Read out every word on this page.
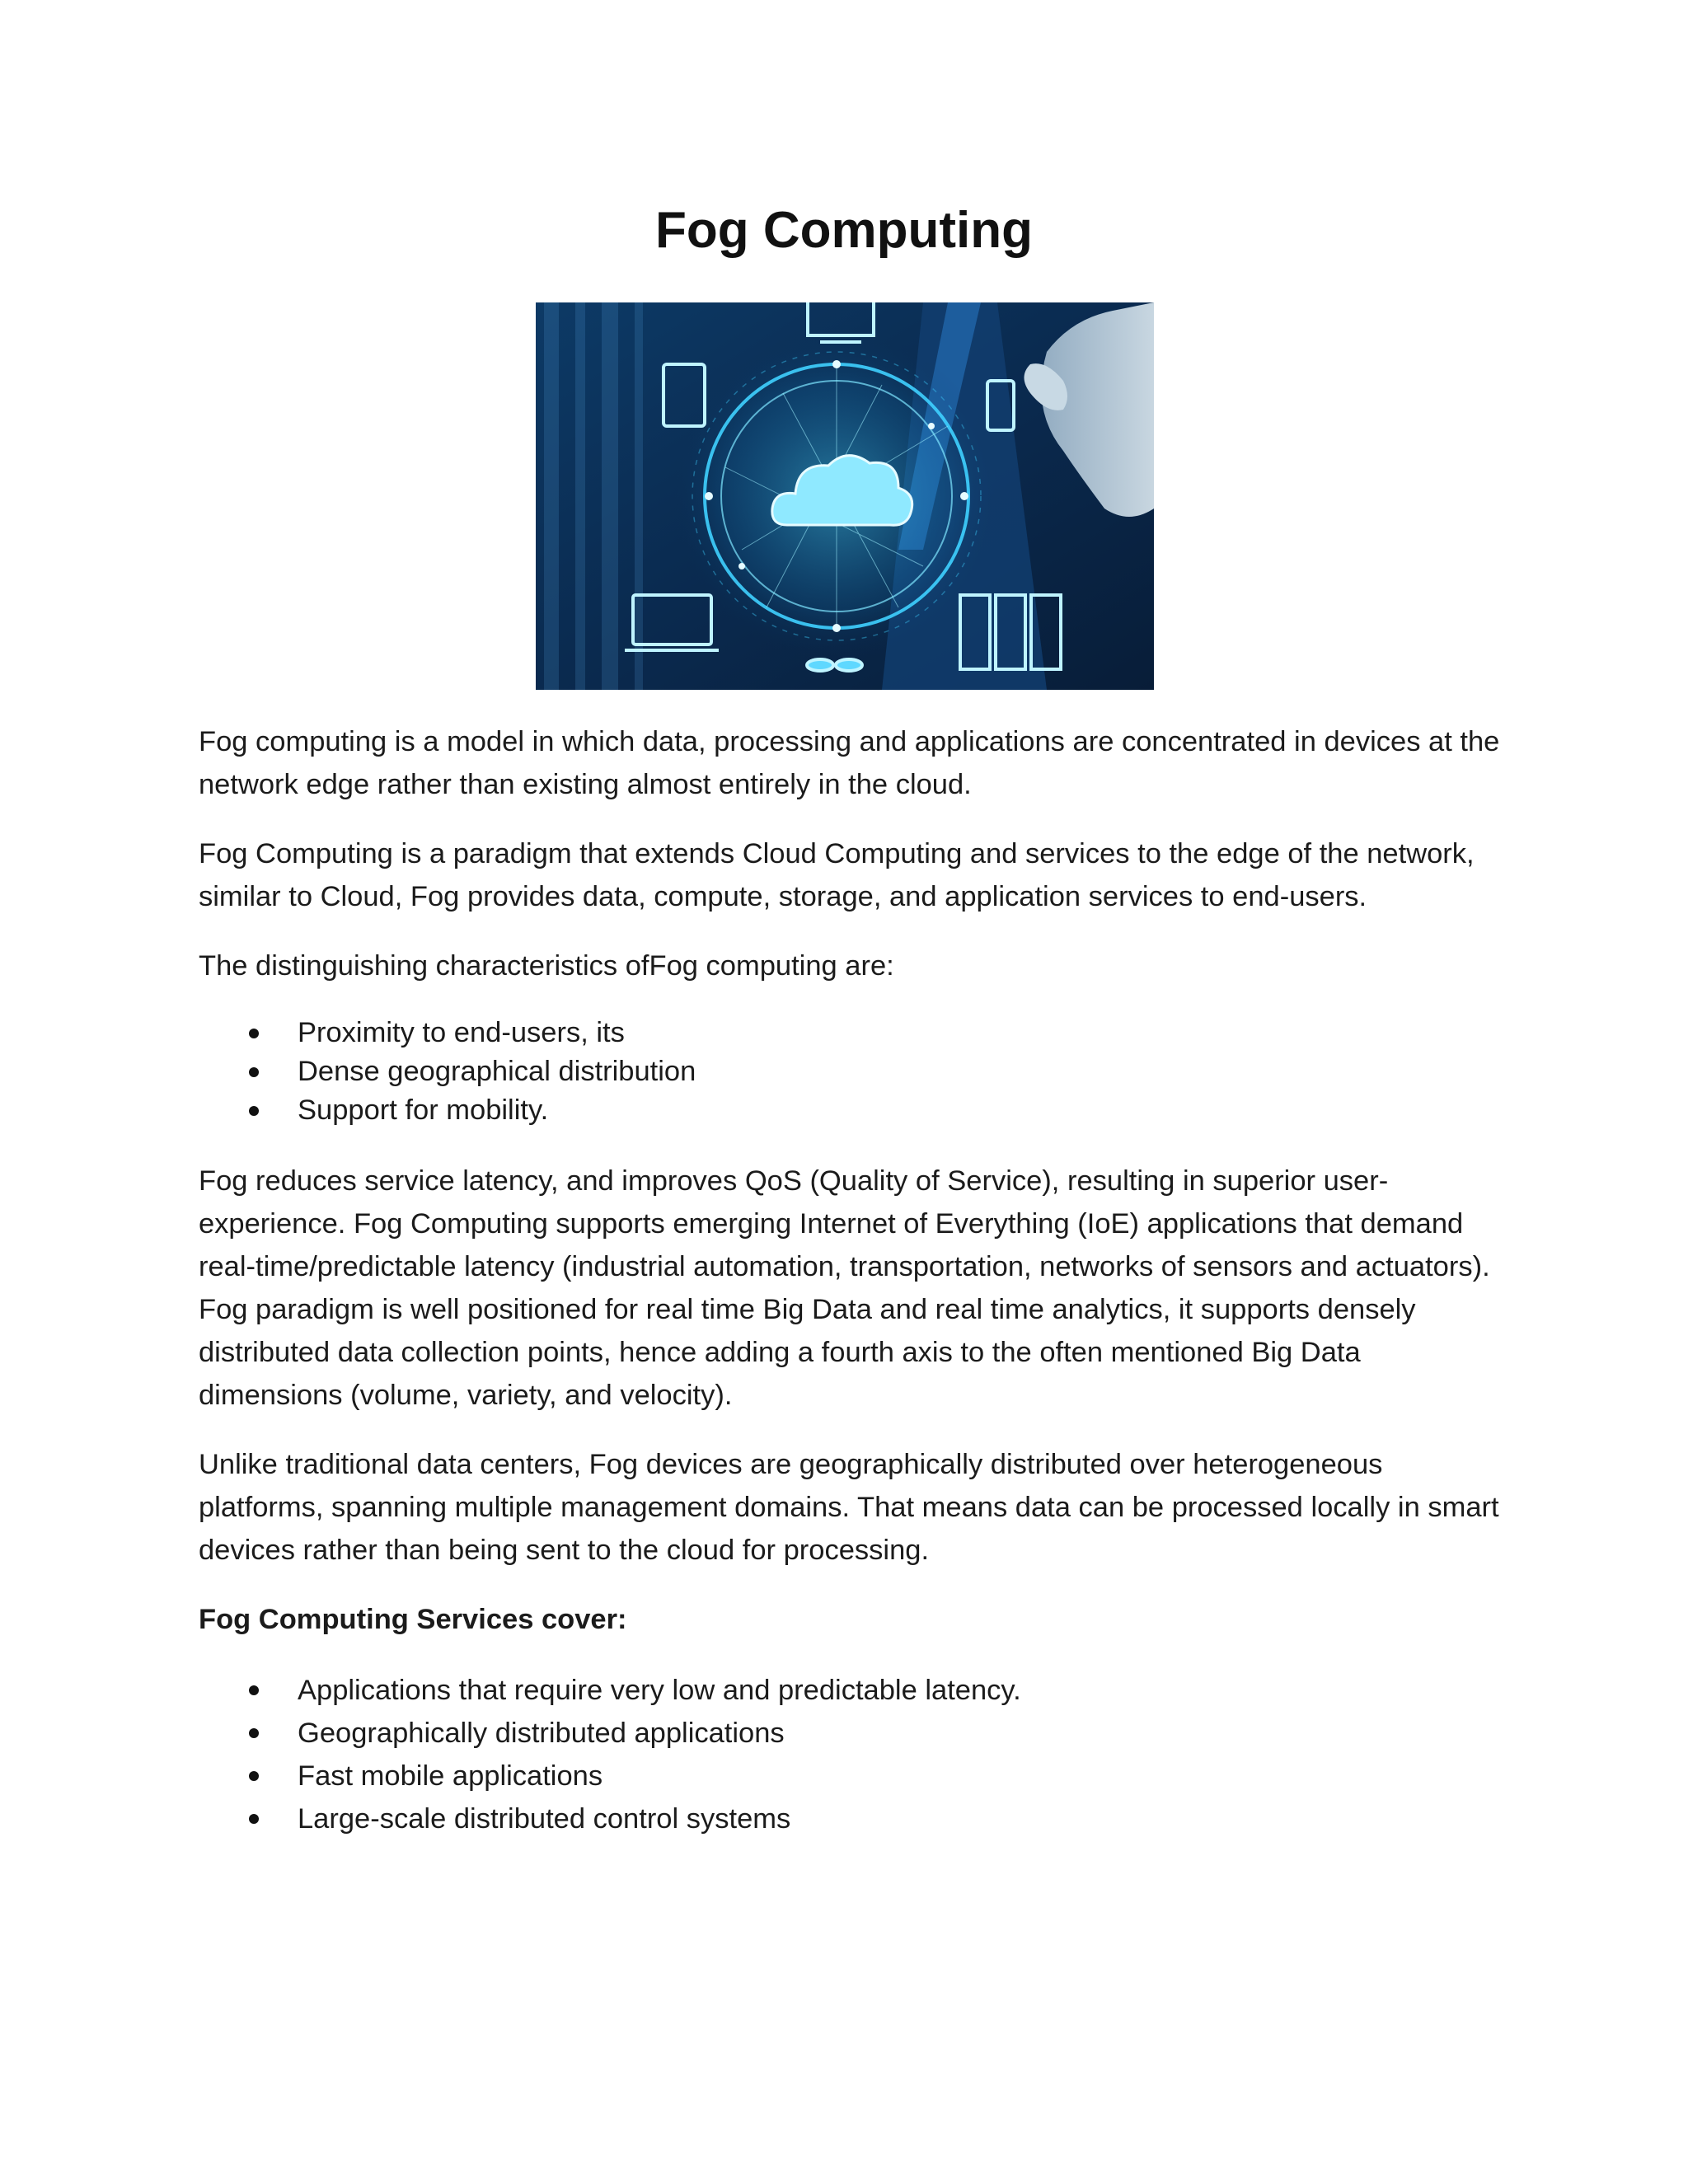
Fog Computing

Fog computing is a model in which data, processing and applications are concentrated in devices at the network edge rather than existing almost entirely in the cloud.

Fog Computing is a paradigm that extends Cloud Computing and services to the edge of the network, similar to Cloud, Fog provides data, compute, storage, and application services to end-users.

The distinguishing characteristics ofFog computing are:

Proximity to end-users, its
Dense geographical distribution
Support for mobility.

Fog reduces service latency, and improves QoS (Quality of Service), resulting in superior user-experience. Fog Computing supports emerging Internet of Everything (IoE) applications that demand real-time/predictable latency (industrial automation, transportation, networks of sensors and actuators). Fog paradigm is well positioned for real time Big Data and real time analytics, it supports densely distributed data collection points, hence adding a fourth axis to the often mentioned Big Data dimensions (volume, variety, and velocity).

Unlike traditional data centers, Fog devices are geographically distributed over heterogeneous platforms, spanning multiple management domains. That means data can be processed locally in smart devices rather than being sent to the cloud for processing.

Fog Computing Services cover:

Applications that require very low and predictable latency.
Geographically distributed applications
Fast mobile applications
Large-scale distributed control systems
